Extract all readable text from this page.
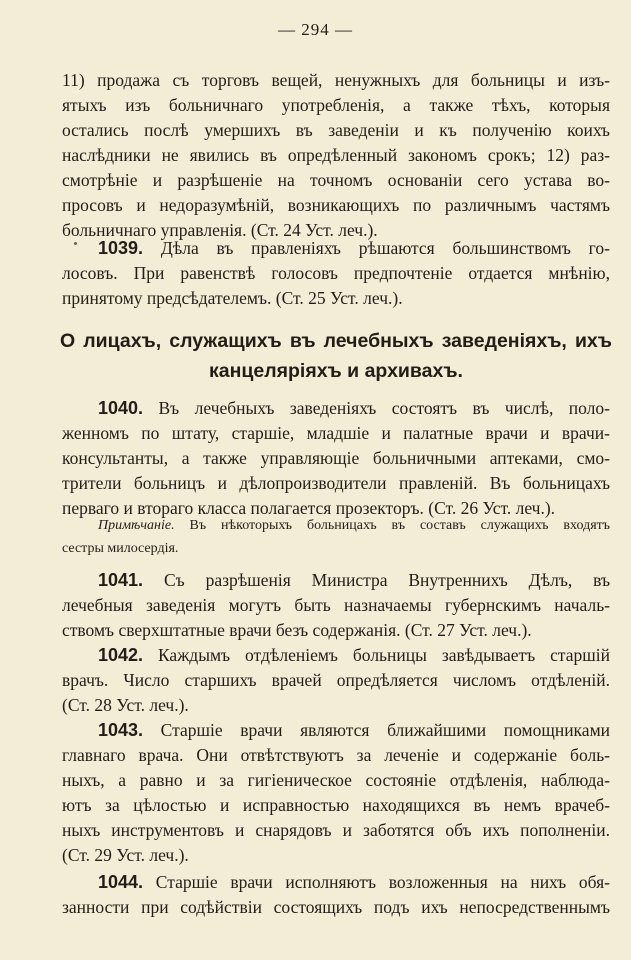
— 294 —
11) продажа съ торговъ вещей, ненужныхъ для больницы и изъ-
ятыхъ изъ больничнаго употребленія, а также тѣхъ, которыя
остались послѣ умершихъ въ заведеніи и къ полученію коихъ
наслѣдники не явились въ опредѣленный закономъ срокъ; 12) раз-
смотрѣніе и разрѣшеніе на точномъ основаніи сего устава во-
просовъ и недоразумѣній, возникающихъ по различнымъ частямъ
больничнаго управленія. (Ст. 24 Уст. леч.).
1039. Дѣла въ правленіяхъ рѣшаются большинствомъ го-
лосовъ. При равенствѣ голосовъ предпочтеніе отдается мнѣнію,
принятому предсѣдателемъ. (Ст. 25 Уст. леч.).
О лицахъ, служащихъ въ лечебныхъ заведеніяхъ, ихъ
канцеляріяхъ и архивахъ.
1040. Въ лечебныхъ заведеніяхъ состоятъ въ числѣ, поло-
женномъ по штату, старшіе, младшіе и палатные врачи и врачи-
консультанты, а также управляющіе больничными аптеками, смо-
трители больницъ и дѣлопроизводители правленій. Въ больницахъ
перваго и втораго класса полагается прозекторъ. (Ст. 26 Уст. леч.).
Примѣчаніе. Въ нѣкоторыхъ больницахъ въ составъ служащихъ входятъ
сестры милосердія.
1041. Съ разрѣшенія Министра Внутреннихъ Дѣлъ, въ
лечебныя заведенія могутъ быть назначаемы губернскимъ началь-
ствомъ сверхштатные врачи безъ содержанія. (Ст. 27 Уст. леч.).
1042. Каждымъ отдѣленіемъ больницы завѣдываетъ старшій
врачъ. Число старшихъ врачей опредѣляется числомъ отдѣленій.
(Ст. 28 Уст. леч.).
1043. Старшіе врачи являются ближайшими помощниками
главнаго врача. Они отвѣтствуютъ за леченіе и содержаніе боль-
ныхъ, а равно и за гигіеническое состояніе отдѣленія, наблюда-
ютъ за цѣлостью и исправностью находящихся въ немъ врачеб-
ныхъ инструментовъ и снарядовъ и заботятся объ ихъ пополненіи.
(Ст. 29 Уст. леч.).
1044. Старшіе врачи исполняютъ возложенныя на нихъ обя-
занности при содѣйствіи состоящихъ подъ ихъ непосредственнымъ
